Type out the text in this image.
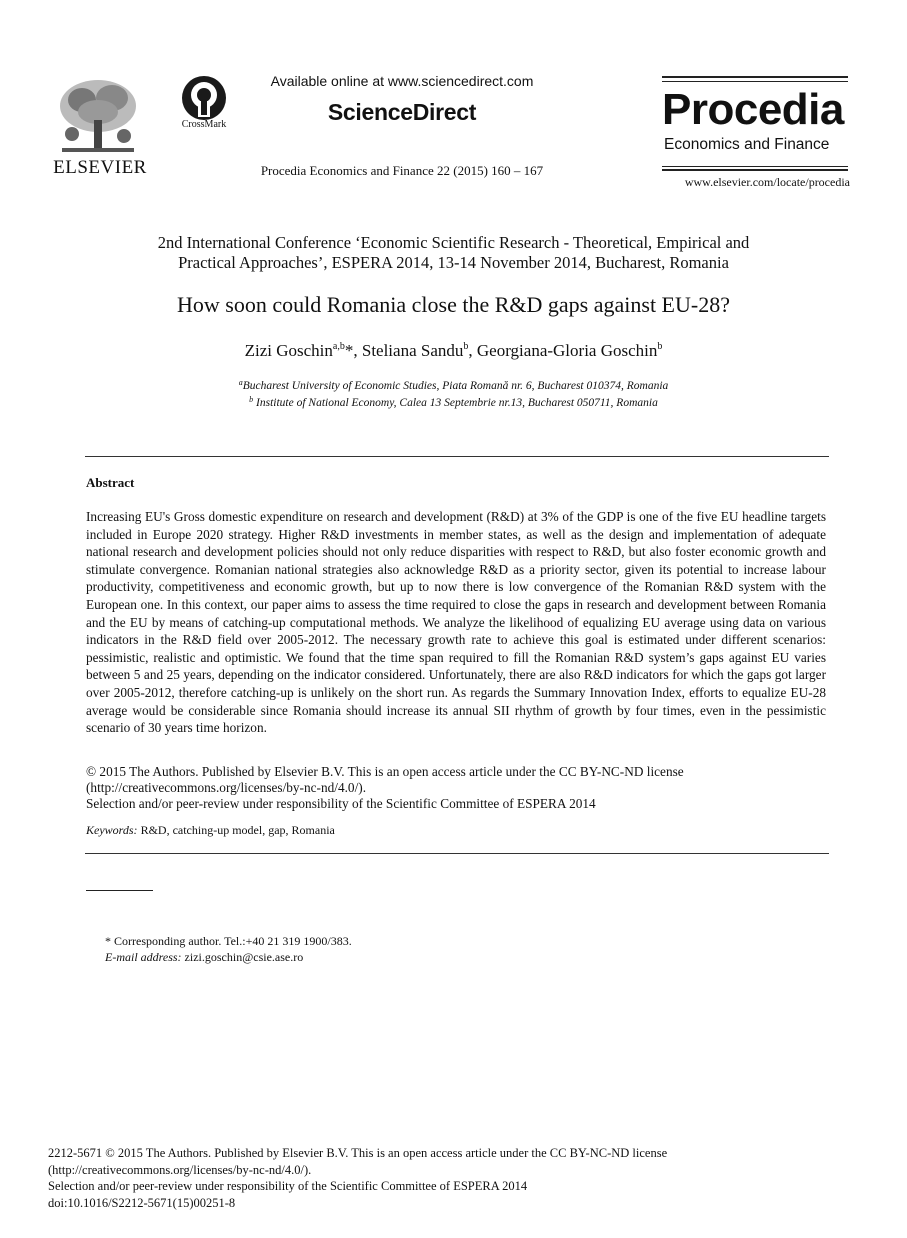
ELSEVIER
CrossMark
Available online at www.sciencedirect.com
ScienceDirect
Procedia Economics and Finance 22 (2015) 160 – 167
Procedia
Economics and Finance
www.elsevier.com/locate/procedia
2nd International Conference ‘Economic Scientific Research - Theoretical, Empirical and
Practical Approaches’, ESPERA 2014, 13-14 November 2014, Bucharest, Romania
How soon could Romania close the R&D gaps against EU-28?
Zizi Goschin$^{a,b}$*, Steliana Sandu$^b$, Georgiana-Gloria Goschin$^b$
$^a$Bucharest University of Economic Studies, Piata Romană nr. 6, Bucharest 010374, Romania
$^b$ Institute of National Economy, Calea 13 Septembrie nr.13, Bucharest 050711, Romania
Abstract
Increasing EU's Gross domestic expenditure on research and development (R&D) at 3% of the GDP is one of the five EU headline targets included in Europe 2020 strategy. Higher R&D investments in member states, as well as the design and implementation of adequate national research and development policies should not only reduce disparities with respect to R&D, but also foster economic growth and stimulate convergence. Romanian national strategies also acknowledge R&D as a priority sector, given its potential to increase labour productivity, competitiveness and economic growth, but up to now there is low convergence of the Romanian R&D system with the European one. In this context, our paper aims to assess the time required to close the gaps in research and development between Romania and the EU by means of catching-up computational methods. We analyze the likelihood of equalizing EU average using data on various indicators in the R&D field over 2005-2012. The necessary growth rate to achieve this goal is estimated under different scenarios: pessimistic, realistic and optimistic. We found that the time span required to fill the Romanian R&D system’s gaps against EU varies between 5 and 25 years, depending on the indicator considered. Unfortunately, there are also R&D indicators for which the gaps got larger over 2005-2012, therefore catching-up is unlikely on the short run. As regards the Summary Innovation Index, efforts to equalize EU-28 average would be considerable since Romania should increase its annual SII rhythm of growth by four times, even in the pessimistic scenario of 30 years time horizon.
© 2015 The Authors. Published by Elsevier B.V. This is an open access article under the CC BY-NC-ND license
(http://creativecommons.org/licenses/by-nc-nd/4.0/).
Selection and/or peer-review under responsibility of the Scientific Committee of ESPERA 2014
Keywords: R&D, catching-up model, gap, Romania
* Corresponding author. Tel.:+40 21 319 1900/383.
E-mail address: zizi.goschin@csie.ase.ro
2212-5671 © 2015 The Authors. Published by Elsevier B.V. This is an open access article under the CC BY-NC-ND license
(http://creativecommons.org/licenses/by-nc-nd/4.0/).
Selection and/or peer-review under responsibility of the Scientific Committee of ESPERA 2014
doi:10.1016/S2212-5671(15)00251-8
